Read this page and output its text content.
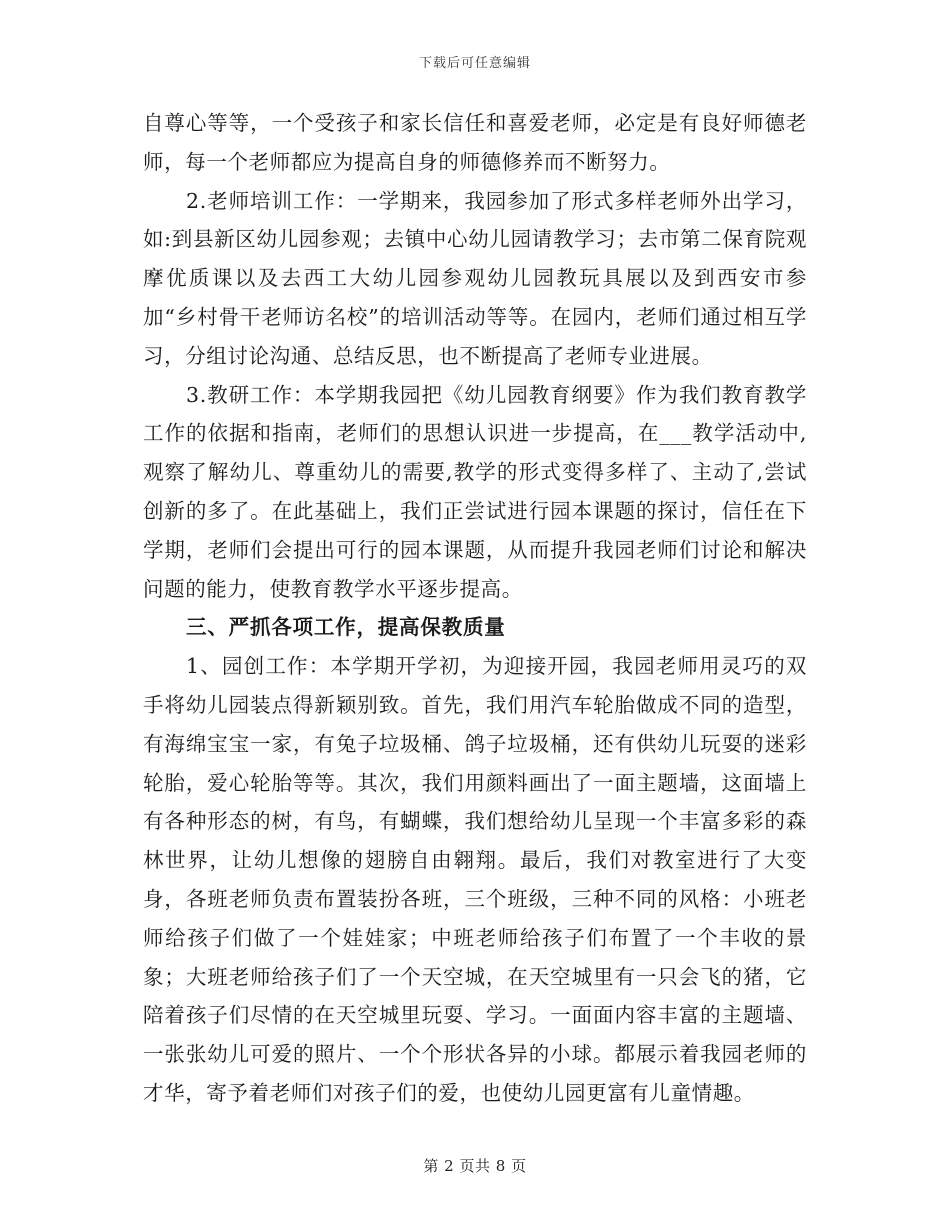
下载后可任意编辑

自尊心等等，一个受孩子和家长信任和喜爱老师，必定是有良好师德老师，每一个老师都应为提高自身的师德修养而不断努力。

2.老师培训工作：一学期来，我园参加了形式多样老师外出学习，如:到县新区幼儿园参观；去镇中心幼儿园请教学习；去市第二保育院观摩优质课以及去西工大幼儿园参观幼儿园教玩具展以及到西安市参加“乡村骨干老师访名校”的培训活动等等。在园内，老师们通过相互学习，分组讨论沟通、总结反思，也不断提高了老师专业进展。

3.教研工作：本学期我园把《幼儿园教育纲要》作为我们教育教学工作的依据和指南，老师们的思想认识进一步提高，在___教学活动中,观察了解幼儿、尊重幼儿的需要,教学的形式变得多样了、主动了,尝试创新的多了。在此基础上，我们正尝试进行园本课题的探讨，信任在下学期，老师们会提出可行的园本课题，从而提升我园老师们讨论和解决问题的能力，使教育教学水平逐步提高。

三、严抓各项工作，提高保教质量

1、园创工作：本学期开学初，为迎接开园，我园老师用灵巧的双手将幼儿园装点得新颖别致。首先，我们用汽车轮胎做成不同的造型，有海绵宝宝一家，有兔子垃圾桶、鸽子垃圾桶，还有供幼儿玩耍的迷彩轮胎，爱心轮胎等等。其次，我们用颜料画出了一面主题墙，这面墙上有各种形态的树，有鸟，有蝴蝶，我们想给幼儿呈现一个丰富多彩的森林世界，让幼儿想像的翅膀自由翱翔。最后，我们对教室进行了大变身，各班老师负责布置装扮各班，三个班级，三种不同的风格：小班老师给孩子们做了一个娃娃家；中班老师给孩子们布置了一个丰收的景象；大班老师给孩子们了一个天空城，在天空城里有一只会飞的猪，它陪着孩子们尽情的在天空城里玩耍、学习。一面面内容丰富的主题墙、一张张幼儿可爱的照片、一个个形状各异的小球。都展示着我园老师的才华，寄予着老师们对孩子们的爱，也使幼儿园更富有儿童情趣。

第 2 页共 8 页
